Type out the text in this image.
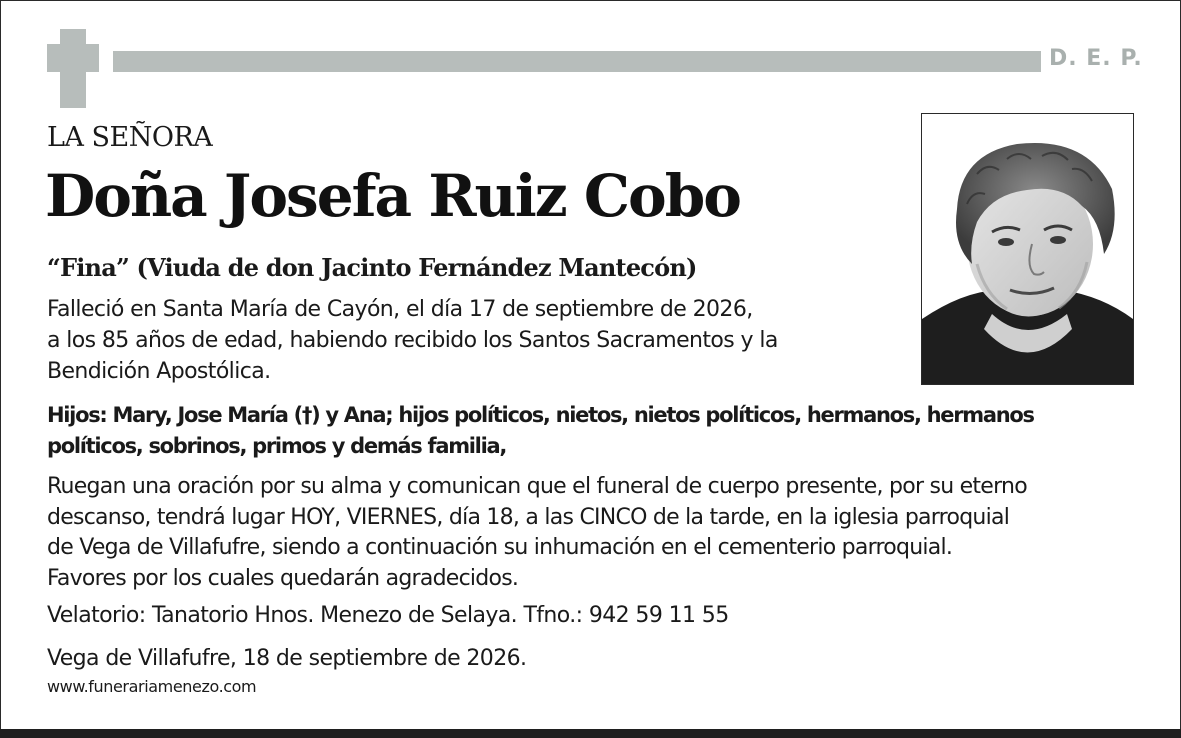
D. E. P.
LA SEÑORA
Doña Josefa Ruiz Cobo
“Fina” (Viuda de don Jacinto Fernández Mantecón)
Falleció en Santa María de Cayón, el día 17 de septiembre de 2026,
a los 85 años de edad, habiendo recibido los Santos Sacramentos y la
Bendición Apostólica.
Hijos: Mary, Jose María (†) y Ana; hijos políticos, nietos, nietos políticos, hermanos, hermanos
políticos, sobrinos, primos y demás familia,
Ruegan una oración por su alma y comunican que el funeral de cuerpo presente, por su eterno
descanso, tendrá lugar HOY, VIERNES, día 18, a las CINCO de la tarde, en la iglesia parroquial
de Vega de Villafufre, siendo a continuación su inhumación en el cementerio parroquial.
Favores por los cuales quedarán agradecidos.
Velatorio: Tanatorio Hnos. Menezo de Selaya. Tfno.: 942 59 11 55
Vega de Villafufre, 18 de septiembre de 2026.
www.funerariamenezo.com
